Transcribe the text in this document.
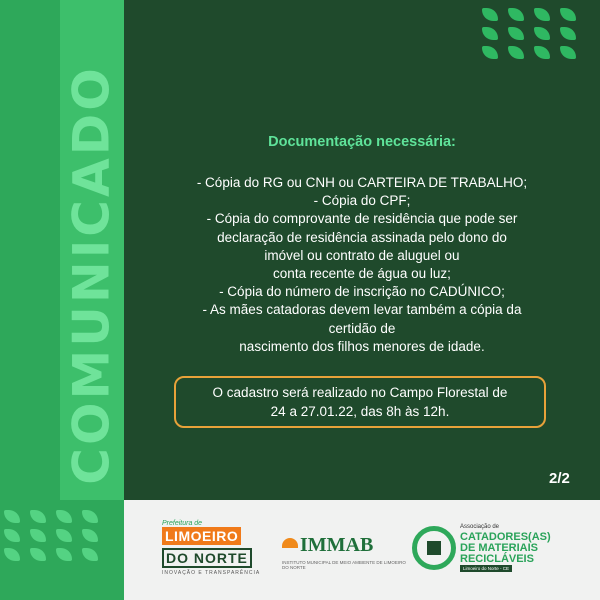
COMUNICADO	Documentação necessária:
- Cópia do RG ou CNH ou CARTEIRA DE TRABALHO;
- Cópia do CPF;
- Cópia do comprovante de residência que pode ser
declaração de residência assinada pelo dono do
imóvel ou contrato de aluguel ou
conta recente de água ou luz;
- Cópia do número de inscrição no CADÚNICO;
- As mães catadoras devem levar também a cópia da
certidão de
nascimento dos filhos menores de idade.
O cadastro será realizado no Campo Florestal de
24 a 27.01.22, das 8h às 12h.
2/2
Prefeitura de
LIMOEIRO
DO NORTE
INOVAÇÃO E TRANSPARÊNCIA
IMMAB
INSTITUTO MUNICIPAL DE MEIO AMBIENTE DE LIMOEIRO DO NORTE
Associação de
CATADORES(AS)
DE MATERIAIS
RECICLÁVEIS
Limoeiro do Norte - CE
